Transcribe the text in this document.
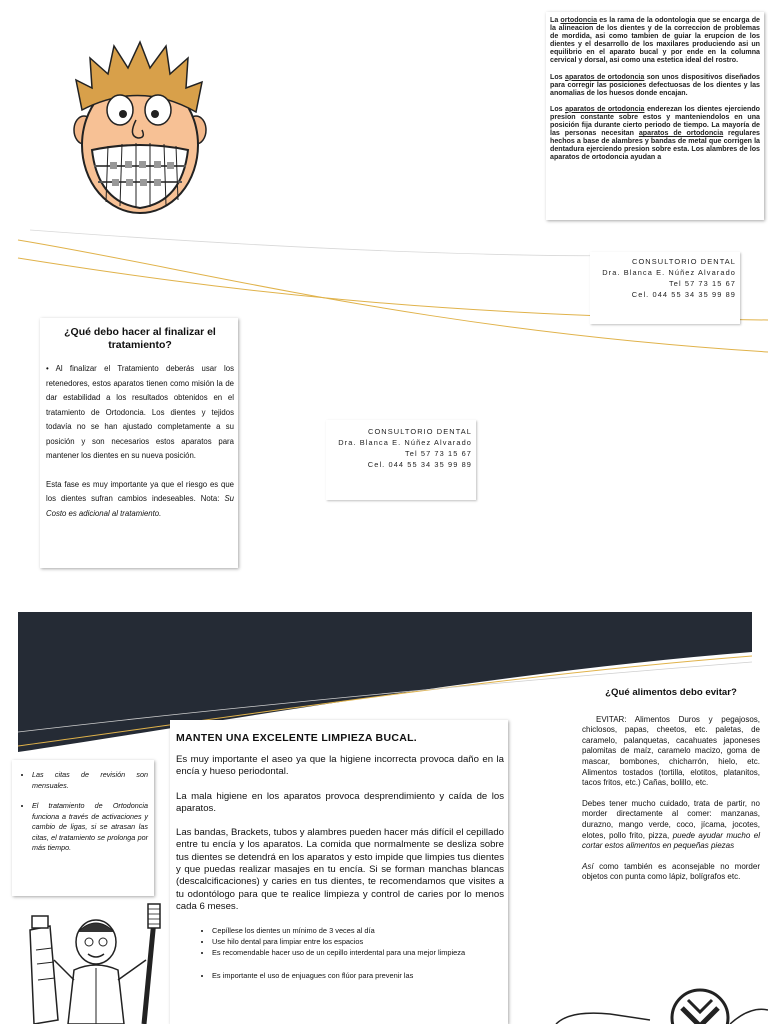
La ortodoncia es la rama de la odontologia que se encarga de la alineacion de los dientes y de la correccion de problemas de mordida, asi como tambien de guiar la erupcion de los dientes y el desarrollo de los maxilares produciendo asi un equilibrio en el aparato bucal y por ende en la columna cervical y dorsal, asi como una estetica ideal del rostro.

Los aparatos de ortodoncia son unos dispositivos diseñados para corregir las posiciones defectuosas de los dientes y las anomalias de los huesos donde encajan.

Los aparatos de ortodoncia enderezan los dientes ejerciendo presion constante sobre estos y manteniendolos en una posición fija durante cierto periodo de tiempo. La mayoría de las personas necesitan aparatos de ortodoncia regulares hechos a base de alambres y bandas de metal que corrigen la dentadura ejerciendo presion sobre esta. Los alambres de los aparatos de ortodoncia ayudan a

CONSULTORIO DENTAL
Dra. Blanca E. Núñez Alvarado
Tel 57 73 15 67
Cel. 044 55 34 35 99 89
¿Qué debo hacer al finalizar el tratamiento?

• Al finalizar el Tratamiento deberás usar los retenedores, estos aparatos tienen como misión la de dar estabilidad a los resultados obtenidos en el tratamiento de Ortodoncia. Los dientes y tejidos todavía no se han ajustado completamente a su posición y son necesarios estos aparatos para mantener los dientes en su nueva posición.

Esta fase es muy importante ya que el riesgo es que los dientes sufran cambios indeseables. Nota: Su Costo es adicional al tratamiento.

CONSULTORIO DENTAL
Dra. Blanca E. Núñez Alvarado
Tel 57 73 15 67
Cel. 044 55 34 35 99 89
• Las citas de revisión son mensuales.
• El tratamiento de Ortodoncia funciona a través de activaciones y cambio de ligas, si se atrasan las citas, el tratamiento se prolonga por más tiempo.
MANTEN UNA EXCELENTE LIMPIEZA BUCAL.

Es muy importante el aseo ya que la higiene incorrecta provoca daño en la encía y hueso periodontal.

La mala higiene en los aparatos provoca desprendimiento y caída de los aparatos.

Las bandas, Brackets, tubos y alambres pueden hacer más difícil el cepillado entre tu encía y los aparatos. La comida que normalmente se desliza sobre tus dientes se detendrá en los aparatos y esto impide que limpies tus dientes y que puedas realizar masajes en tu encía. Si se forman manchas blancas (descalcificaciones) y caries en tus dientes, te recomendamos que visites a tu odontólogo para que te realice limpieza y control de caries por lo menos cada 6 meses.

• Cepíllese los dientes un mínimo de 3 veces al día
• Use hilo dental para limpiar entre los espacios
• Es recomendable hacer uso de un cepillo interdental para una mejor limpieza
• Es importante el uso de enjuagues con flúor para prevenir las
¿Qué alimentos debo evitar?

EVITAR: Alimentos Duros y pegajosos, chiclosos, papas, cheetos, etc. paletas, de caramelo, palanquetas, cacahuates japoneses palomitas de maíz, caramelo macizo, goma de mascar, bombones, chicharrón, hielo, etc. Alimentos tostados (tortilla, elotitos, platanitos, tacos fritos, etc.) Cañas, bolillo, etc.

Debes tener mucho cuidado, trata de partir, no morder directamente al comer: manzanas, durazno, mango verde, coco, jícama, jocotes, elotes, pollo frito, pizza, puede ayudar mucho el cortar estos alimentos en pequeñas piezas

Así como también es aconsejable no morder objetos con punta como lápiz, bolígrafos etc.
